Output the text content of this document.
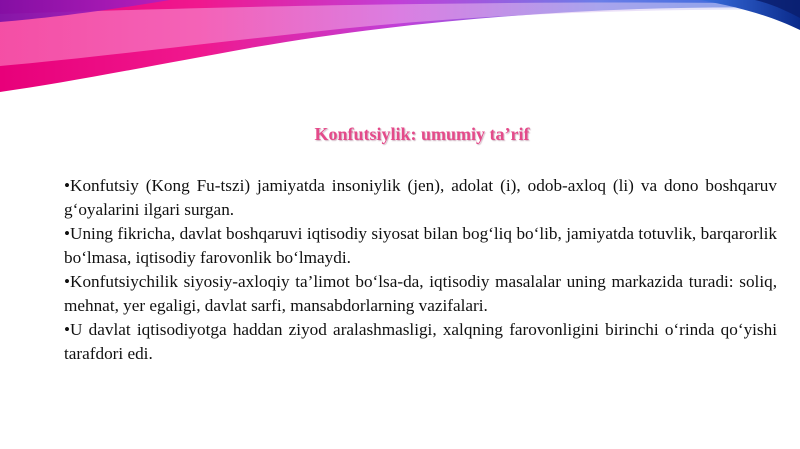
Konfutsiylik: umumiy ta’rif
•Konfutsiy (Kong Fu-tszi) jamiyatda insoniylik (jen), adolat (i), odob-axloq (li) va dono boshqaruv g‘oyalarini ilgari surgan.
•Uning fikricha, davlat boshqaruvi iqtisodiy siyosat bilan bog‘liq bo‘lib, jamiyatda totuvlik, barqarorlik bo‘lmasa, iqtisodiy farovonlik bo‘lmaydi.
•Konfutsiychilik siyosiy-axloqiy ta’limot bo‘lsa-da, iqtisodiy masalalar uning markazida turadi: soliq, mehnat, yer egaligi, davlat sarfi, mansabdorlarning vazifalari.
•U davlat iqtisodiyotga haddan ziyod aralashmasligi, xalqning farovonligini birinchi o‘rinda qo‘yishi tarafdori edi.
